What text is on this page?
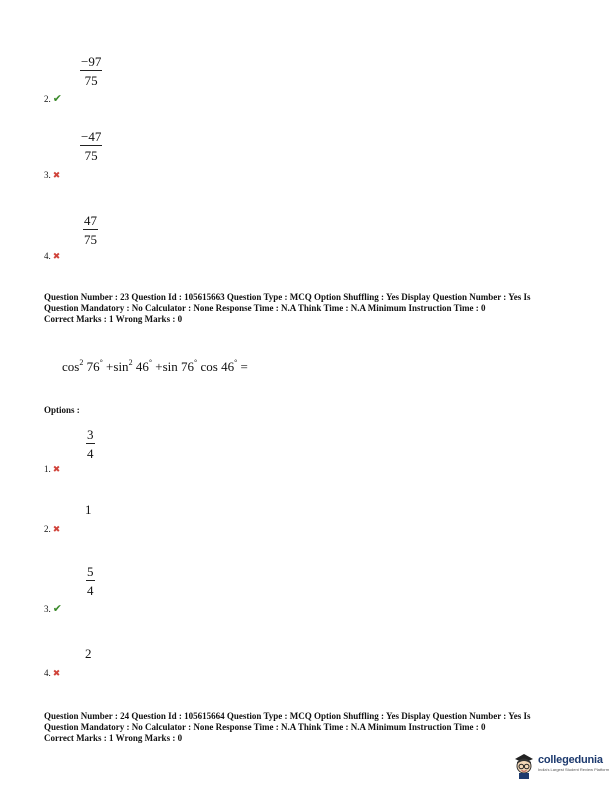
−97
75
2. ✔
−47
75
3. ✖
47
75
4. ✖
Question Number : 23 Question Id : 105615663 Question Type : MCQ Option Shuffling : Yes Display Question Number : Yes Is
Question Mandatory : No Calculator : None Response Time : N.A Think Time : N.A Minimum Instruction Time : 0
Correct Marks : 1 Wrong Marks : 0
$\cos^2 76^\circ +\sin^2$ 46° +sin 76° cos 46° =
Options :
3
4
1. ✖
1
2. ✖
5
4
3. ✔
2
4. ✖
Question Number : 24 Question Id : 105615664 Question Type : MCQ Option Shuffling : Yes Display Question Number : Yes Is
Question Mandatory : No Calculator : None Response Time : N.A Think Time : N.A Minimum Instruction Time : 0
Correct Marks : 1 Wrong Marks : 0
collegedunia
India's Largest Student Review Platform
